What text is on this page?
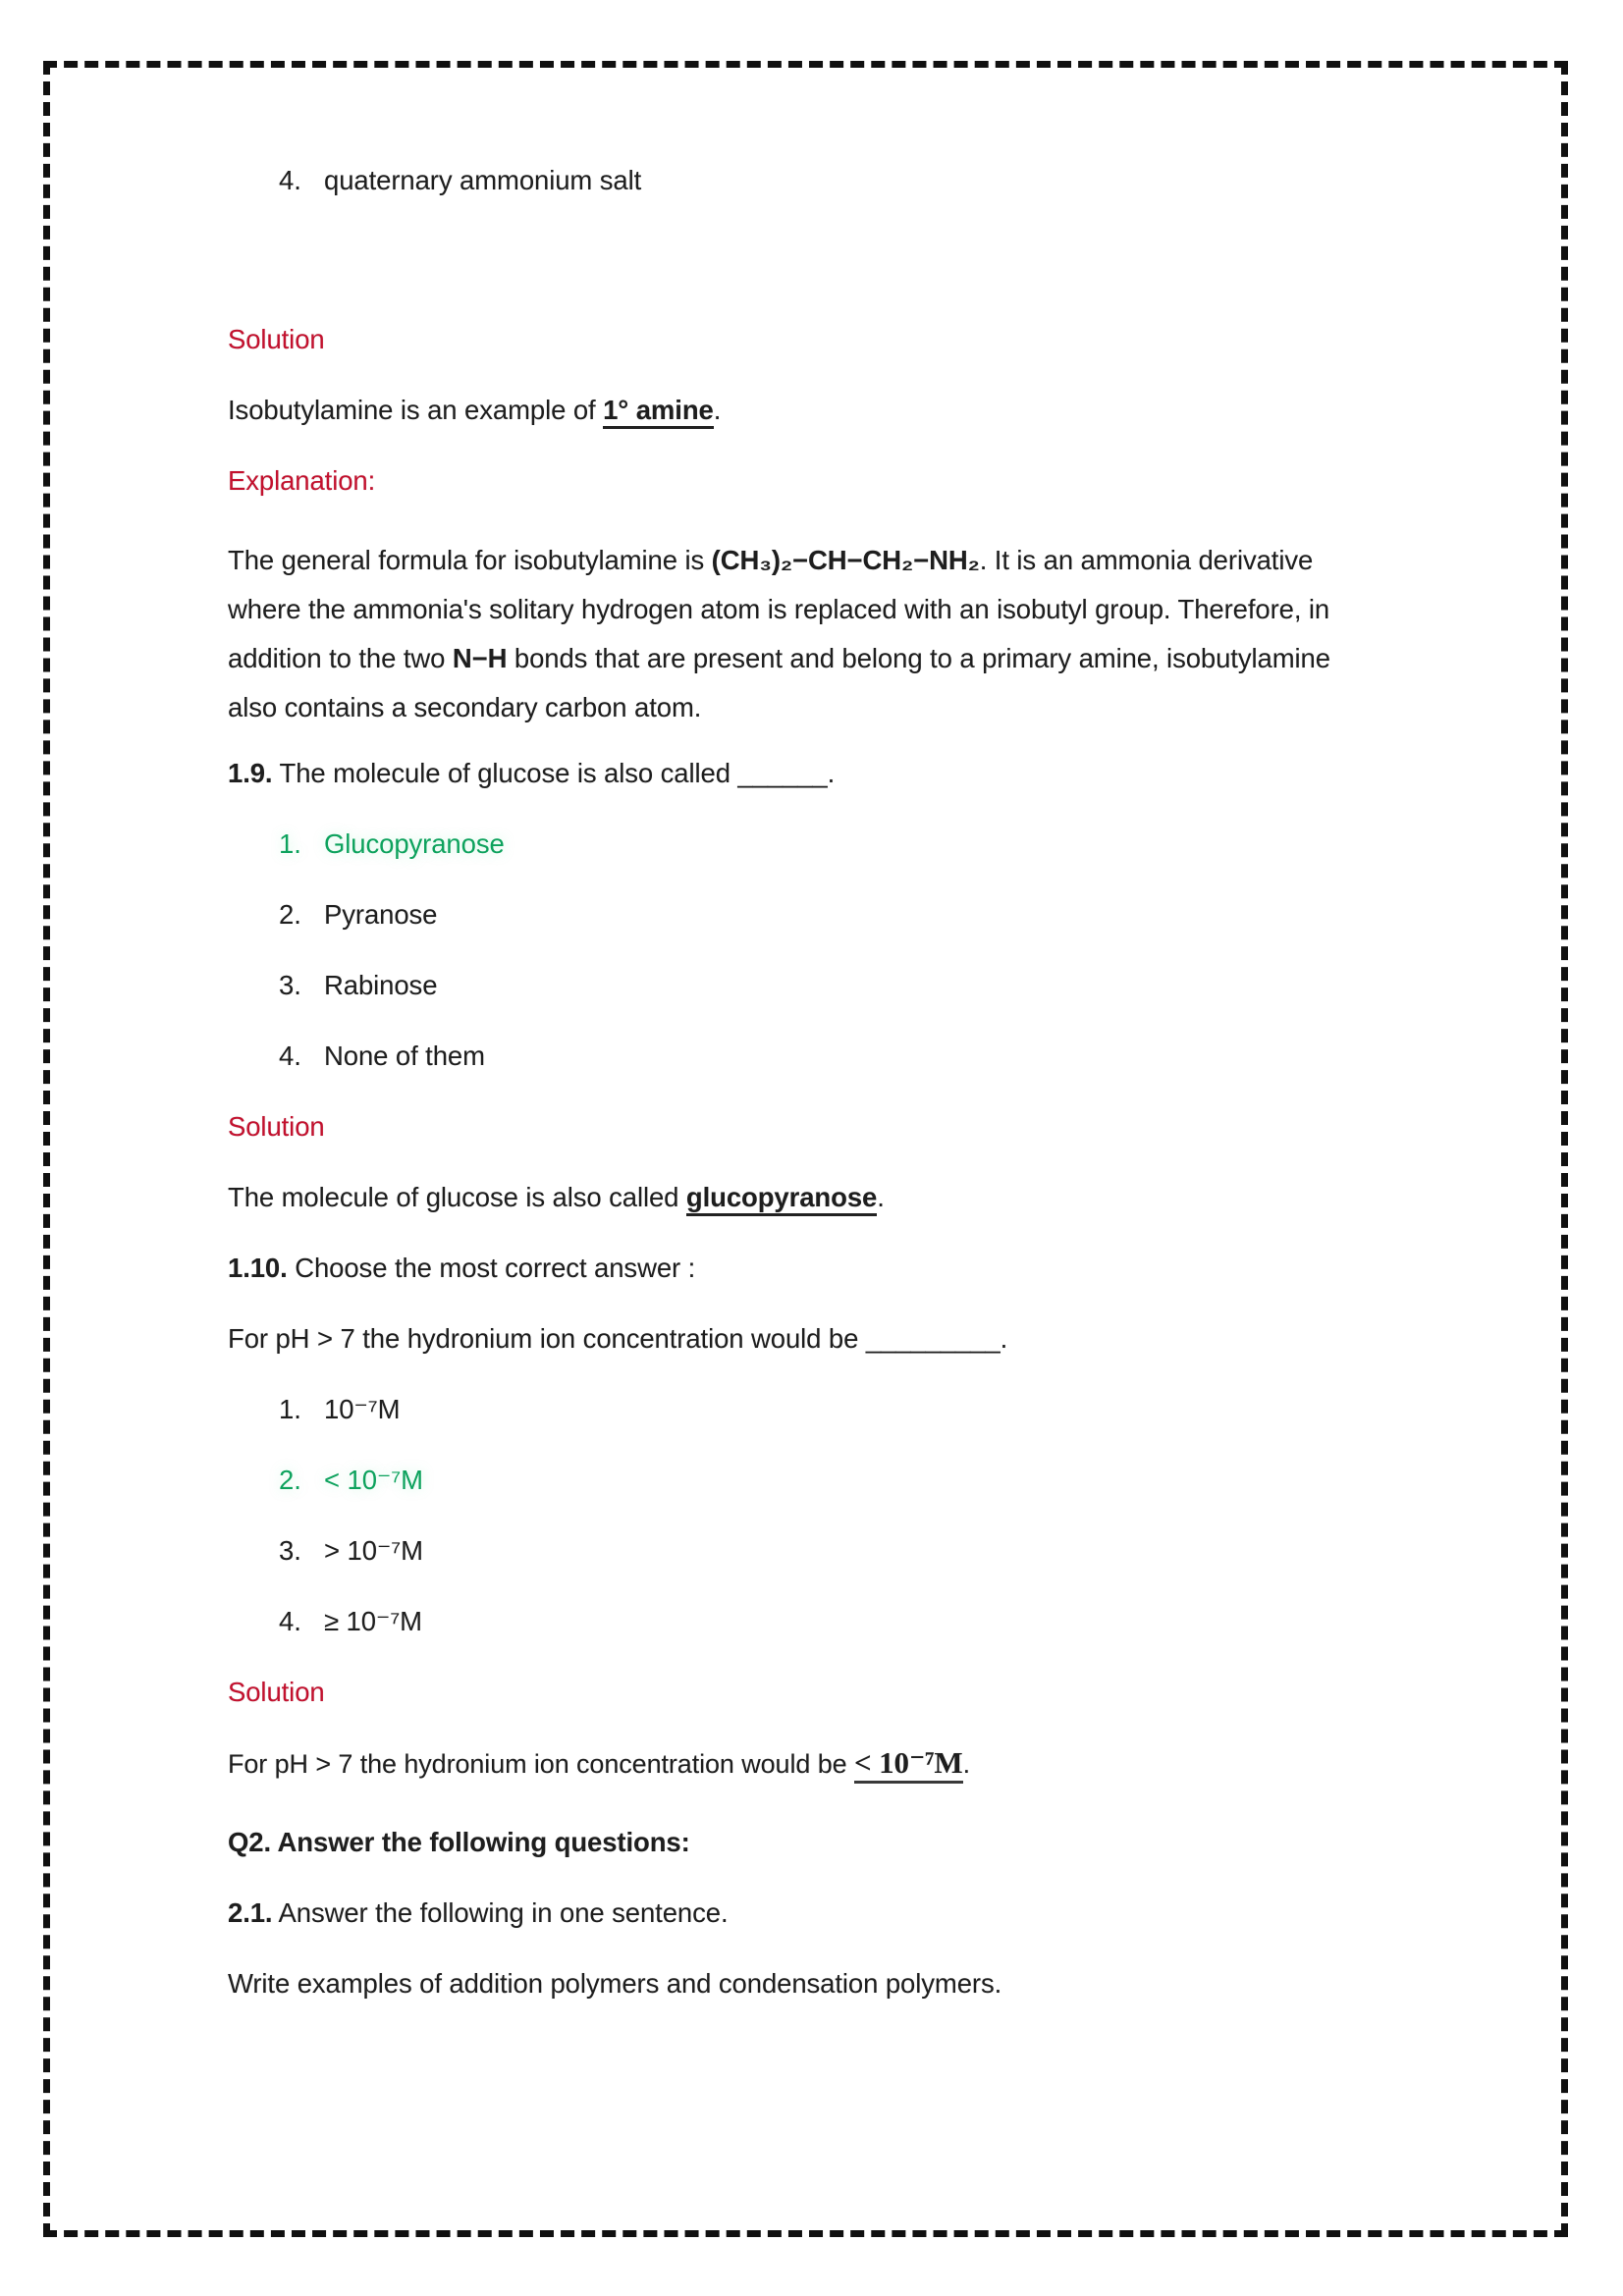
4. quaternary ammonium salt

Solution

Isobutylamine is an example of 1° amine.

Explanation:

The general formula for isobutylamine is (CH₃)₂−CH−CH₂−NH₂. It is an ammonia derivative where the ammonia's solitary hydrogen atom is replaced with an isobutyl group. Therefore, in addition to the two N−H bonds that are present and belong to a primary amine, isobutylamine also contains a secondary carbon atom.

1.9. The molecule of glucose is also called ______.

1. Glucopyranose
2. Pyranose
3. Rabinose
4. None of them

Solution

The molecule of glucose is also called glucopyranose.

1.10. Choose the most correct answer :

For pH > 7 the hydronium ion concentration would be _________.

1. 10⁻⁷M
2. < 10⁻⁷M
3. > 10⁻⁷M
4. ≥ 10⁻⁷M

Solution

For pH > 7 the hydronium ion concentration would be < 10⁻⁷M.

Q2. Answer the following questions:

2.1. Answer the following in one sentence.

Write examples of addition polymers and condensation polymers.
